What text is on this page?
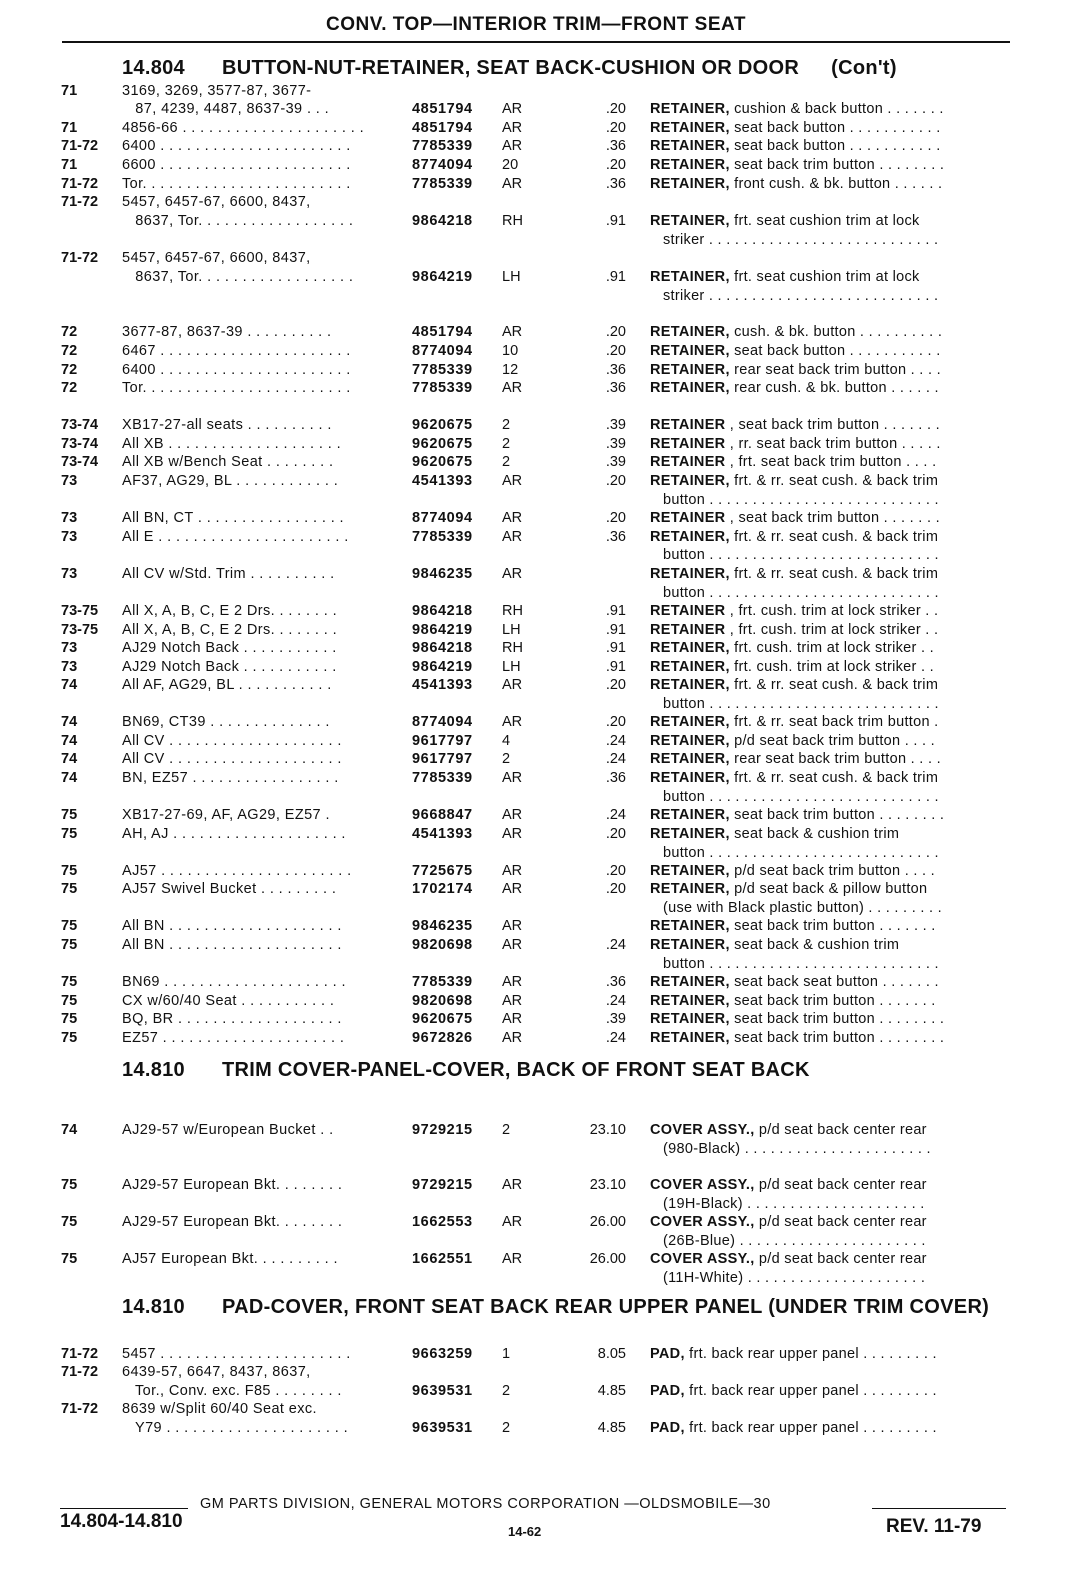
CONV. TOP—INTERIOR TRIM—FRONT SEAT
14.804 BUTTON-NUT-RETAINER, SEAT BACK-CUSHION OR DOOR (Con't)
14.810 TRIM COVER-PANEL-COVER, BACK OF FRONT SEAT BACK
14.810 PAD-COVER, FRONT SEAT BACK REAR UPPER PANEL (UNDER TRIM COVER)
71	3169, 3269, 3577-87, 3677-
87, 4239, 4487, 8637-39 . . .	4851794	AR	.20 RETAINER, cushion & back button . . . . . . .
71	4856-66 . . . . . . . . . . . . . . . . . . . . .	4851794	AR	.20 RETAINER, seat back button . . . . . . . . . . .
71-72	6400 . . . . . . . . . . . . . . . . . . . . . .	7785339	AR	.36 RETAINER, seat back button . . . . . . . . . . .
71	6600 . . . . . . . . . . . . . . . . . . . . . .	8774094	20	.20 RETAINER, seat back trim button . . . . . . . .
71-72	Tor. . . . . . . . . . . . . . . . . . . . . . . .	7785339	AR	.36 RETAINER, front cush. & bk. button . . . . . .
71-72	5457, 6457-67, 6600, 8437,
8637, Tor. . . . . . . . . . . . . . . . . .	9864218	RH	.91 RETAINER, frt. seat cushion trim at lock
striker . . . . . . . . . . . . . . . . . . . . . . . . . . .
71-72	5457, 6457-67, 6600, 8437,
8637, Tor. . . . . . . . . . . . . . . . . .	9864219	LH	.91 RETAINER, frt. seat cushion trim at lock
striker . . . . . . . . . . . . . . . . . . . . . . . . . . .
72	3677-87, 8637-39 . . . . . . . . . .	4851794	AR	.20 RETAINER, cush. & bk. button . . . . . . . . . .
72	6467 . . . . . . . . . . . . . . . . . . . . . .	8774094	10	.20 RETAINER, seat back button . . . . . . . . . . .
72	6400 . . . . . . . . . . . . . . . . . . . . . .	7785339	12	.36 RETAINER, rear seat back trim button . . . .
72	Tor. . . . . . . . . . . . . . . . . . . . . . . .	7785339	AR	.36 RETAINER, rear cush. & bk. button . . . . . .
73-74	XB17-27-all seats . . . . . . . . . .	9620675	2	.39 RETAINER , seat back trim button . . . . . . .
73-74	All XB . . . . . . . . . . . . . . . . . . . .	9620675	2	.39 RETAINER , rr. seat back trim button . . . . .
73-74	All XB w/Bench Seat . . . . . . . .	9620675	2	.39 RETAINER , frt. seat back trim button . . . .
73	AF37, AG29, BL . . . . . . . . . . . .	4541393	AR	.20 RETAINER, frt. & rr. seat cush. & back trim
button . . . . . . . . . . . . . . . . . . . . . . . . . . .
73	All BN, CT . . . . . . . . . . . . . . . . .	8774094	AR	.20 RETAINER , seat back trim button . . . . . . .
73	All E . . . . . . . . . . . . . . . . . . . . . .	7785339	AR	.36 RETAINER, frt. & rr. seat cush. & back trim
button . . . . . . . . . . . . . . . . . . . . . . . . . . .
73	All CV w/Std. Trim . . . . . . . . . .	9846235	AR	RETAINER, frt. & rr. seat cush. & back trim
button . . . . . . . . . . . . . . . . . . . . . . . . . . .
73-75	All X, A, B, C, E 2 Drs. . . . . . . .	9864218	RH	.91 RETAINER , frt. cush. trim at lock striker . .
73-75	All X, A, B, C, E 2 Drs. . . . . . . .	9864219	LH	.91 RETAINER , frt. cush. trim at lock striker . .
73	AJ29 Notch Back . . . . . . . . . . .	9864218	RH	.91 RETAINER, frt. cush. trim at lock striker . .
73	AJ29 Notch Back . . . . . . . . . . .	9864219	LH	.91 RETAINER, frt. cush. trim at lock striker . .
74	All AF, AG29, BL . . . . . . . . . . .	4541393	AR	.20 RETAINER, frt. & rr. seat cush. & back trim
button . . . . . . . . . . . . . . . . . . . . . . . . . . .
74	BN69, CT39 . . . . . . . . . . . . . .	8774094	AR	.20 RETAINER, frt. & rr. seat back trim button .
74	All CV . . . . . . . . . . . . . . . . . . . .	9617797	4	.24 RETAINER, p/d seat back trim button . . . .
74	All CV . . . . . . . . . . . . . . . . . . . .	9617797	2	.24 RETAINER, rear seat back trim button . . . .
74	BN, EZ57 . . . . . . . . . . . . . . . . .	7785339	AR	.36 RETAINER, frt. & rr. seat cush. & back trim
button . . . . . . . . . . . . . . . . . . . . . . . . . . .
75	XB17-27-69, AF, AG29, EZ57 .	9668847	AR	.24 RETAINER, seat back trim button . . . . . . . .
75	AH, AJ . . . . . . . . . . . . . . . . . . . .	4541393	AR	.20 RETAINER, seat back & cushion trim
button . . . . . . . . . . . . . . . . . . . . . . . . . . .
75	AJ57 . . . . . . . . . . . . . . . . . . . . . .	7725675	AR	.20 RETAINER, p/d seat back trim button . . . .
75	AJ57 Swivel Bucket . . . . . . . . .	1702174	AR	.20 RETAINER, p/d seat back & pillow button
(use with Black plastic button) . . . . . . . . .
75	All BN . . . . . . . . . . . . . . . . . . . .	9846235	AR	RETAINER, seat back trim button . . . . . . .
75	All BN . . . . . . . . . . . . . . . . . . . .	9820698	AR	.24 RETAINER, seat back & cushion trim
button . . . . . . . . . . . . . . . . . . . . . . . . . . .
75	BN69 . . . . . . . . . . . . . . . . . . . . .	7785339	AR	.36 RETAINER, seat back seat button . . . . . . .
75	CX w/60/40 Seat . . . . . . . . . . .	9820698	AR	.24 RETAINER, seat back trim button . . . . . . .
75	BQ, BR . . . . . . . . . . . . . . . . . . .	9620675	AR	.39 RETAINER, seat back trim button . . . . . . . .
75	EZ57 . . . . . . . . . . . . . . . . . . . . .	9672826	AR	.24 RETAINER, seat back trim button . . . . . . . .
74	AJ29-57 w/European Bucket . .	9729215	2	23.10 COVER ASSY., p/d seat back center rear
(980-Black) . . . . . . . . . . . . . . . . . . . . . .
75	AJ29-57 European Bkt. . . . . . . .	9729215	AR	23.10 COVER ASSY., p/d seat back center rear
(19H-Black) . . . . . . . . . . . . . . . . . . . . .
75	AJ29-57 European Bkt. . . . . . . .	1662553	AR	26.00 COVER ASSY., p/d seat back center rear
(26B-Blue) . . . . . . . . . . . . . . . . . . . . . .
75	AJ57 European Bkt. . . . . . . . . .	1662551	AR	26.00 COVER ASSY., p/d seat back center rear
(11H-White) . . . . . . . . . . . . . . . . . . . . .
71-72	5457 . . . . . . . . . . . . . . . . . . . . . .	9663259	1	8.05 PAD, frt. back rear upper panel . . . . . . . . .
71-72	6439-57, 6647, 8437, 8637,
Tor., Conv. exc. F85 . . . . . . . .	9639531	2	4.85 PAD, frt. back rear upper panel . . . . . . . . .
71-72	8639 w/Split 60/40 Seat exc.
Y79 . . . . . . . . . . . . . . . . . . . . .	9639531	2	4.85 PAD, frt. back rear upper panel . . . . . . . . .
GM PARTS DIVISION, GENERAL MOTORS CORPORATION —OLDSMOBILE—30
14.804-14.810	14-62	REV. 11-79
